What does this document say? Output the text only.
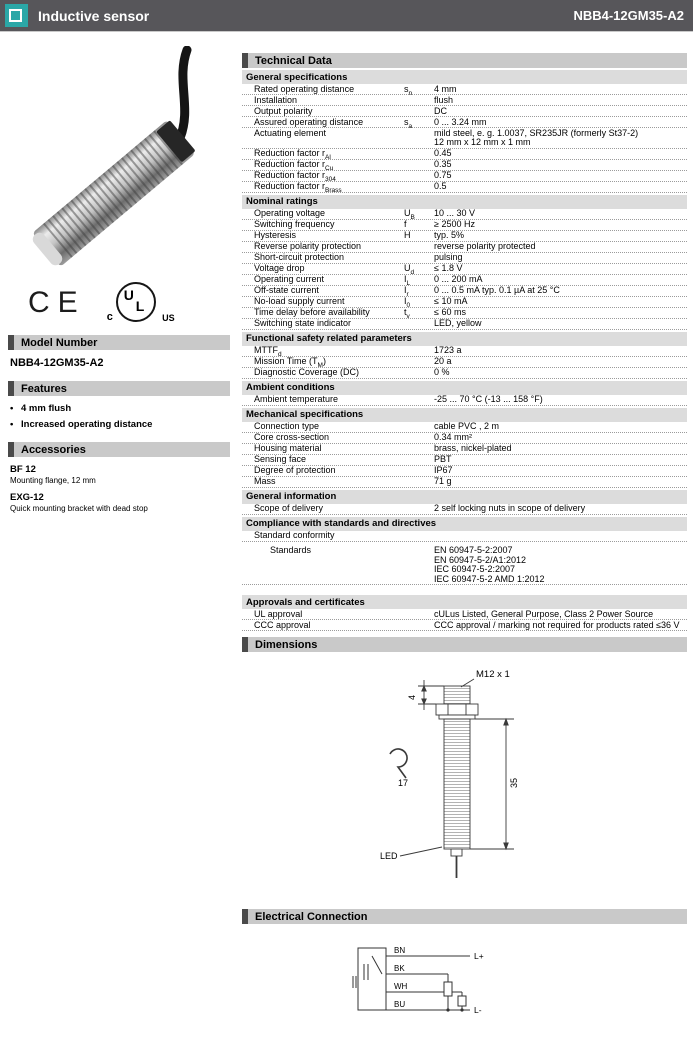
Inductive sensor	NBB4-12GM35-A2
CE	U
L
c	US
Model Number
NBB4-12GM35-A2
Features
•
4 mm flush
•
Increased operating distance
Accessories
BF 12
Mounting flange, 12 mm
EXG-12
Quick mounting bracket with dead stop
Technical Data
General specifications
Rated operating distance	$s_n$	4 mm
Installation	flush
Output polarity	DC
Assured operating distance	$s_a$	0 ... 3.24 mm
Actuating element	mild steel, e. g. 1.0037, SR235JR (formerly St37-2)
12 mm x 12 mm x 1 mm
Reduction factor $r_{Al}$	0.45
Reduction factor $r_{Cu}$	0.35
Reduction factor $r_{304}$	0.75
Reduction factor $r_{Brass}$	0.5
Nominal ratings
Operating voltage	$U_B$	10 ... 30 V
Switching frequency	f	≥ 2500 Hz
Hysteresis	H	typ. 5%
Reverse polarity protection	reverse polarity protected
Short-circuit protection	pulsing
Voltage drop	$U_d$	≤ 1.8 V
Operating current	$I_L$	0 ... 200 mA
Off-state current	$I_r$	0 ... 0.5 mA typ. 0.1 µA at 25 °C
No-load supply current	$I_0$	≤ 10 mA
Time delay before availability	$t_v$	≤ 60 ms
Switching state indicator	LED, yellow
Functional safety related parameters
$MTTF_d$	1723 a
Mission Time $(T_M)$	20 a
Diagnostic Coverage (DC)	0 %
Ambient conditions
Ambient temperature	-25 ... 70 °C (-13 ... 158 °F)
Mechanical specifications
Connection type	cable PVC , 2 m
Core cross-section	0.34 mm²
Housing material	brass, nickel-plated
Sensing face	PBT
Degree of protection	IP67
Mass	71 g
General information
Scope of delivery	2 self locking nuts in scope of delivery
Compliance with standards and directives
Standard conformity
Standards	EN 60947-5-2:2007
EN 60947-5-2/A1:2012
IEC 60947-5-2:2007
IEC 60947-5-2 AMD 1:2012
Approvals and certificates
UL approval	cULus Listed, General Purpose, Class 2 Power Source
CCC approval	CCC approval / marking not required for products rated ≤36 V
Dimensions
M12 x 1
4
35
17
LED
Electrical Connection
BN
BK
WH
BU
L+
L-
